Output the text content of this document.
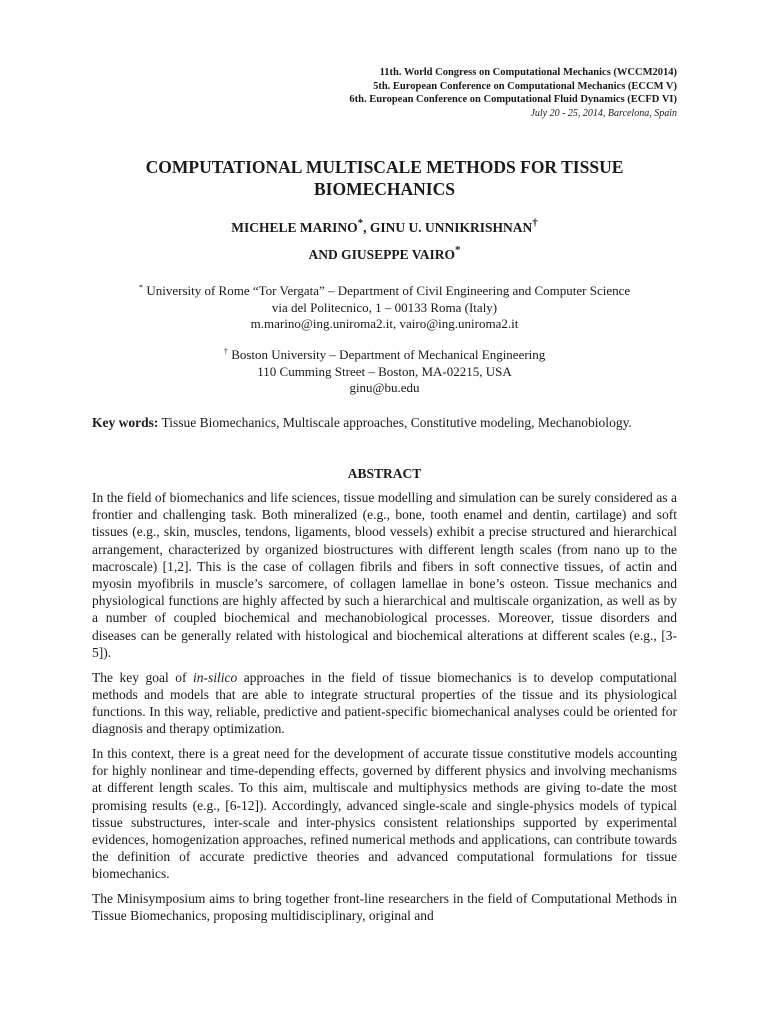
11th. World Congress on Computational Mechanics (WCCM2014)
5th. European Conference on Computational Mechanics (ECCM V)
6th. European Conference on Computational Fluid Dynamics (ECFD VI)
July 20 - 25, 2014, Barcelona, Spain
COMPUTATIONAL MULTISCALE METHODS FOR TISSUE
BIOMECHANICS
MICHELE MARINO*, GINU U. UNNIKRISHNAN†
AND GIUSEPPE VAIRO*
* University of Rome “Tor Vergata” – Department of Civil Engineering and Computer Science
via del Politecnico, 1 – 00133 Roma (Italy)
m.marino@ing.uniroma2.it, vairo@ing.uniroma2.it
† Boston University – Department of Mechanical Engineering
110 Cumming Street – Boston, MA-02215, USA
ginu@bu.edu
Key words: Tissue Biomechanics, Multiscale approaches, Constitutive modeling, Mechanobiology.
ABSTRACT

In the field of biomechanics and life sciences, tissue modelling and simulation can be surely considered as a frontier and challenging task. Both mineralized (e.g., bone, tooth enamel and dentin, cartilage) and soft tissues (e.g., skin, muscles, tendons, ligaments, blood vessels) exhibit a precise structured and hierarchical arrangement, characterized by organized biostructures with different length scales (from nano up to the macroscale) [1,2]. This is the case of collagen fibrils and fibers in soft connective tissues, of actin and myosin myofibrils in muscle’s sarcomere, of collagen lamellae in bone’s osteon. Tissue mechanics and physiological functions are highly affected by such a hierarchical and multiscale organization, as well as by a number of coupled biochemical and mechanobiological processes. Moreover, tissue disorders and diseases can be generally related with histological and biochemical alterations at different scales (e.g., [3-5]).

The key goal of in-silico approaches in the field of tissue biomechanics is to develop computational methods and models that are able to integrate structural properties of the tissue and its physiological functions. In this way, reliable, predictive and patient-specific biomechanical analyses could be oriented for diagnosis and therapy optimization.

In this context, there is a great need for the development of accurate tissue constitutive models accounting for highly nonlinear and time-depending effects, governed by different physics and involving mechanisms at different length scales. To this aim, multiscale and multiphysics methods are giving to-date the most promising results (e.g., [6-12]). Accordingly, advanced single-scale and single-physics models of typical tissue substructures, inter-scale and inter-physics consistent relationships supported by experimental evidences, homogenization approaches, refined numerical methods and applications, can contribute towards the definition of accurate predictive theories and advanced computational formulations for tissue biomechanics.

The Minisymposium aims to bring together front-line researchers in the field of Computational Methods in Tissue Biomechanics, proposing multidisciplinary, original and
